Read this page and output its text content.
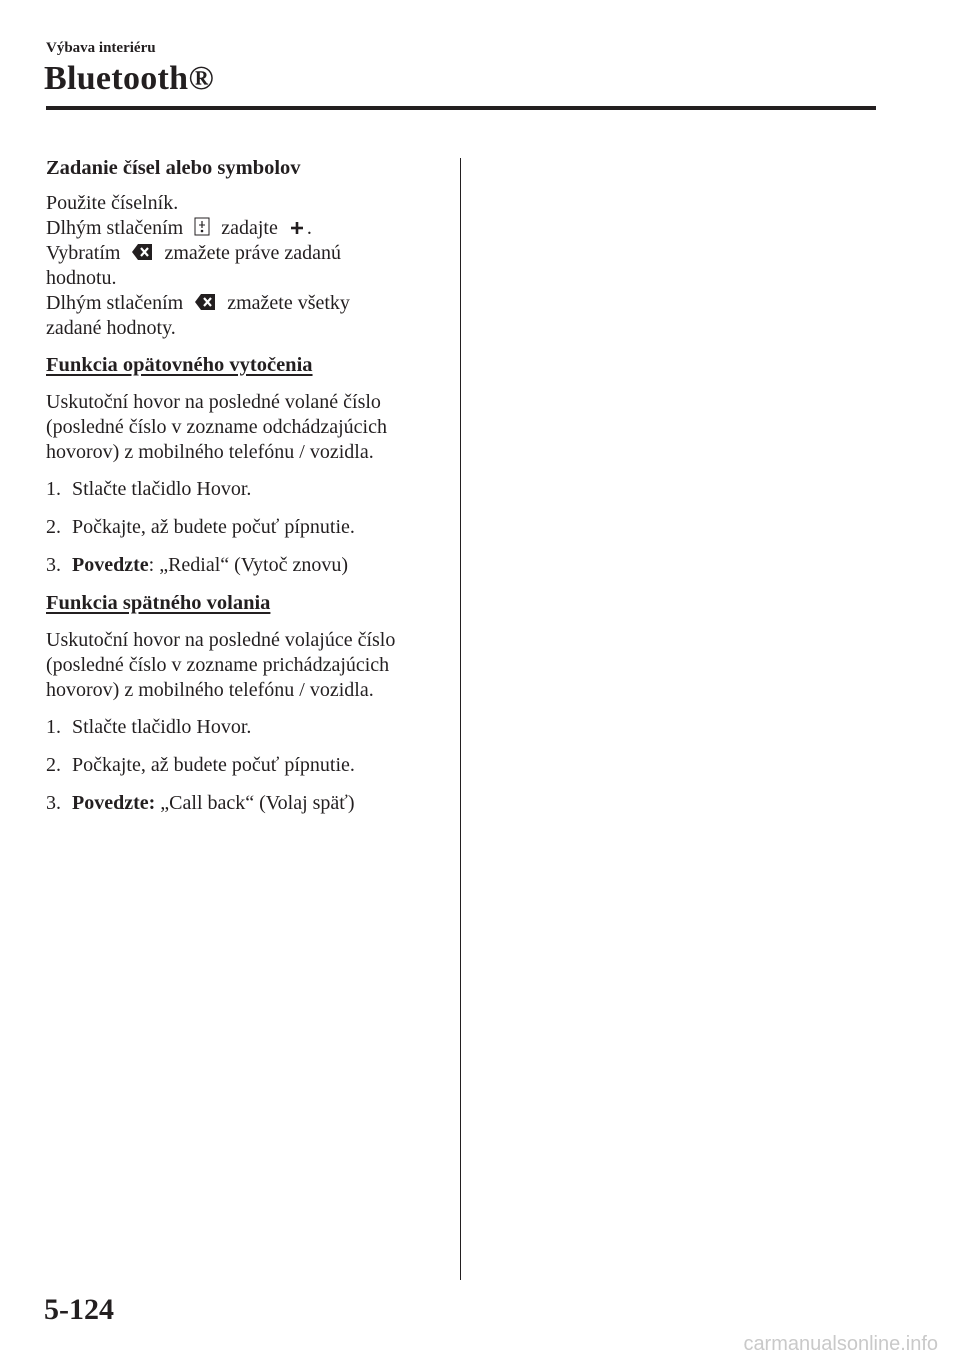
Výbava interiéru
Bluetooth®

Zadanie čísel alebo symbolov

Použite číselník.

Dlhým stlačením zadajte .

Vybratím zmažete práve zadanú

hodnotu.

Dlhým stlačením zmažete všetky

zadané hodnoty.

Funkcia opätovného vytočenia

Uskutoční hovor na posledné volané číslo (posledné číslo v zozname odchádzajúcich hovorov) z mobilného telefónu / vozidla.

1. Stlačte tlačidlo Hovor.
2. Počkajte, až budete počuť pípnutie.
3. Povedzte: „Redial“ (Vytoč znovu)

Funkcia spätného volania

Uskutoční hovor na posledné volajúce číslo (posledné číslo v zozname prichádzajúcich hovorov) z mobilného telefónu / vozidla.

1. Stlačte tlačidlo Hovor.
2. Počkajte, až budete počuť pípnutie.
3. Povedzte: „Call back“ (Volaj späť)
5-124
carmanualsonline.info
